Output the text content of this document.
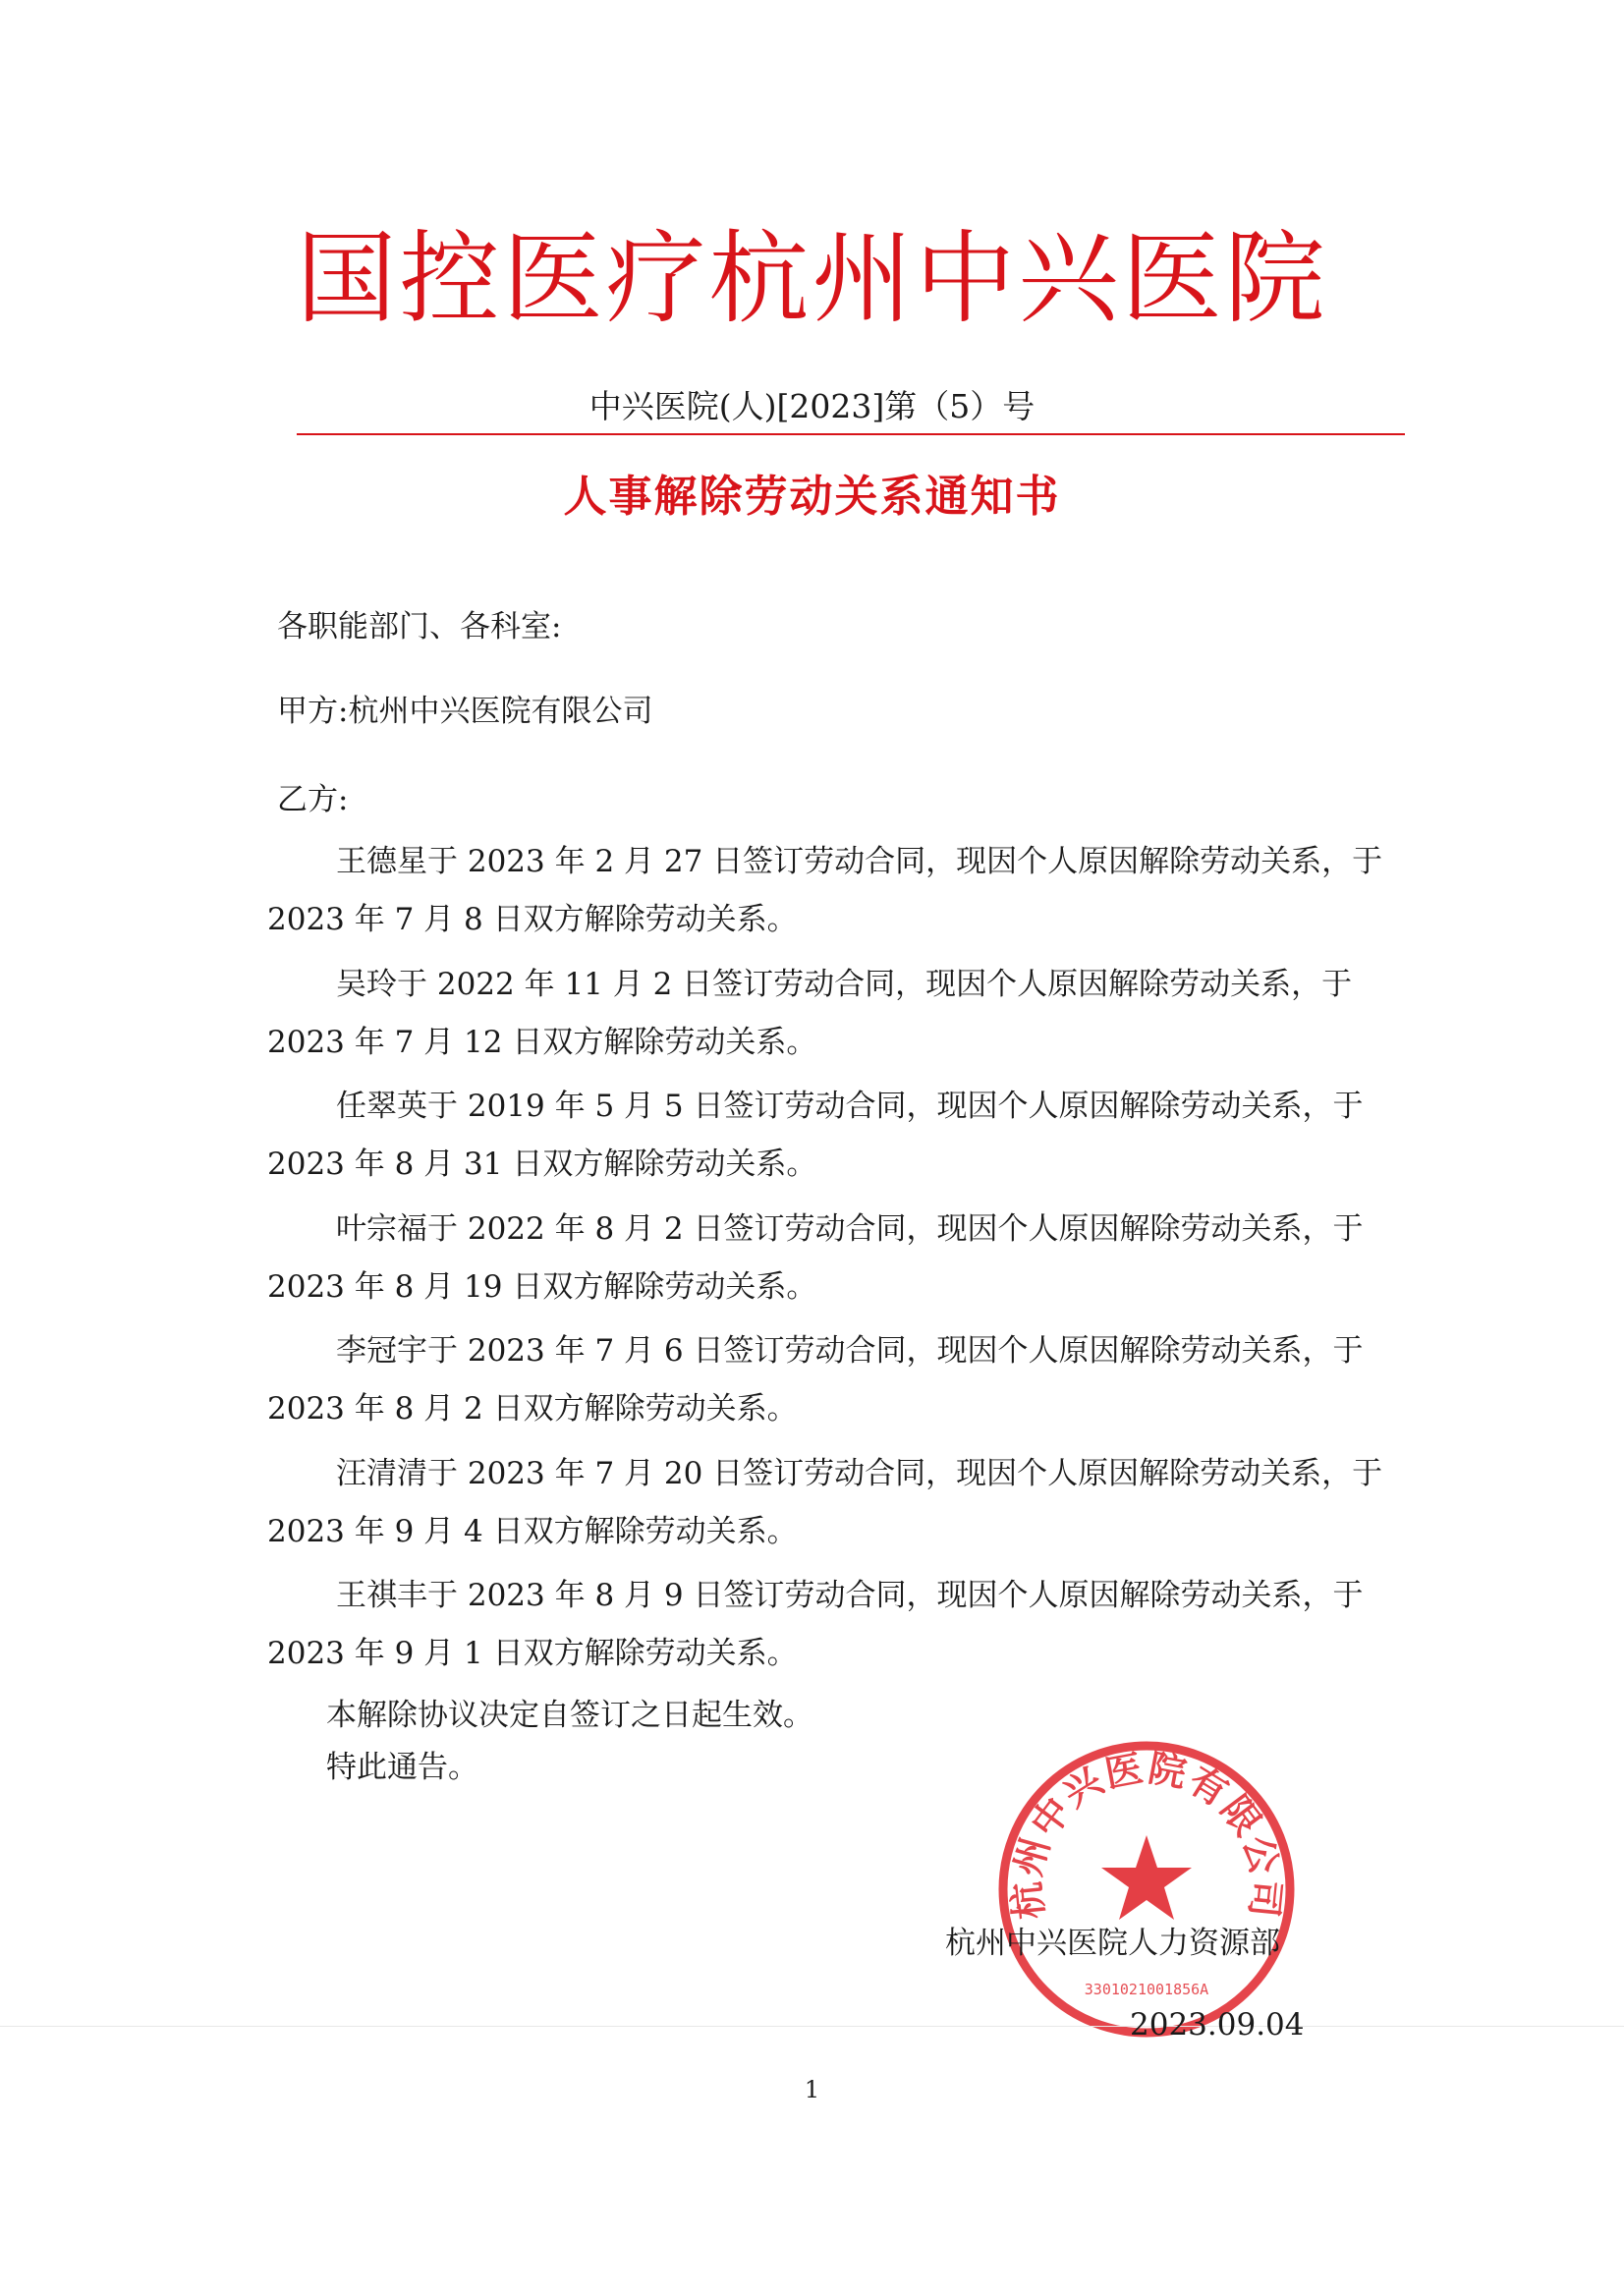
国控医疗杭州中兴医院
中兴医院(人)[2023]第（5）号
人事解除劳动关系通知书
各职能部门、各科室:
甲方:杭州中兴医院有限公司
乙方:
王德星于 2023 年 2 月 27 日签订劳动合同，现因个人原因解除劳动关系，于
2023 年 7 月 8 日双方解除劳动关系。
吴玲于 2022 年 11 月 2 日签订劳动合同，现因个人原因解除劳动关系，于
2023 年 7 月 12 日双方解除劳动关系。
任翠英于 2019 年 5 月 5 日签订劳动合同，现因个人原因解除劳动关系，于
2023 年 8 月 31 日双方解除劳动关系。
叶宗福于 2022 年 8 月 2 日签订劳动合同，现因个人原因解除劳动关系，于
2023 年 8 月 19 日双方解除劳动关系。
李冠宇于 2023 年 7 月 6 日签订劳动合同，现因个人原因解除劳动关系，于
2023 年 8 月 2 日双方解除劳动关系。
汪清清于 2023 年 7 月 20 日签订劳动合同，现因个人原因解除劳动关系，于
2023 年 9 月 4 日双方解除劳动关系。
王祺丰于 2023 年 8 月 9 日签订劳动合同，现因个人原因解除劳动关系，于
2023 年 9 月 1 日双方解除劳动关系。
本解除协议决定自签订之日起生效。
特此通告。
杭州中兴医院有限公司
3301021001856A
杭州中兴医院人力资源部
2023.09.04
1
